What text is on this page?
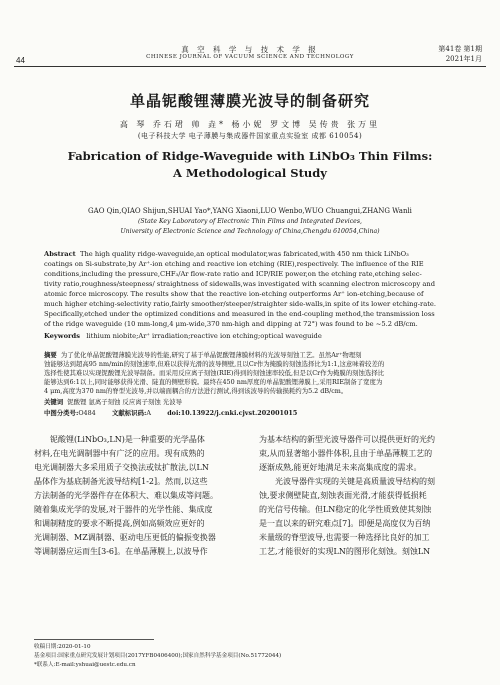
44
真 空 科 学 与 技 术 学 报
CHINESE JOURNAL OF VACUUM SCIENCE AND TECHNOLOGY
第41卷 第1期
2021年1月
单晶铌酸锂薄膜光波导的制备研究
高 琴 乔石珺 帅 垚* 杨小妮 罗文博 吴传贵 张万里
(电子科技大学 电子薄膜与集成器件国家重点实验室 成都 610054)
Fabrication of Ridge-Waveguide with LiNbO₃ Thin Films:
A Methodological Study
GAO Qin,QIAO Shijun,SHUAI Yao*,YANG Xiaoni,LUO Wenbo,WUO Chuangui,ZHANG Wanli
(State Key Laboratory of Electronic Thin Films and Integrated Devices,
University of Electronic Science and Technology of China,Chengdu 610054,China)
Abstract The high quality ridge-waveguide,an optical modulator,was fabricated,with 450 nm thick LiNbO₃
coatings on Si-substrate,by Ar⁺-ion etching and reactive ion etching (RIE),respectively. The influence of the RIE
conditions,including the pressure,CHF₃/Ar flow-rate ratio and ICP/RIE power,on the etching rate,etching selec-
tivity ratio,roughness/steepness/ straightness of sidewalls,was investigated with scanning electron microscopy and
atomic force microscopy. The results show that the reactive ion-etching outperforms Ar⁺ ion-etching,because of
much higher etching-selectivity ratio,fairly smoother/steeper/straighter side-walls,in spite of its lower etching-rate.
Specifically,etched under the optimized conditions and measured in the end-coupling method,the transmission loss
of the ridge waveguide (10 mm-long,4 μm-wide,370 nm-high and dipping at 72°) was found to be ~5.2 dB/cm.
Keywords lithium niobite;Ar⁺ irradiation;reactive ion etching;optical waveguide
摘要 为了优化单晶铌酸锂薄膜光波导的性能,研究了基于单晶铌酸锂薄膜材料的光波导刻蚀工艺。虽然Ar⁺物理刻
蚀能够达到超高95 nm/min的刻蚀速率,但难以获得光滑的波导侧壁,且以Cr作为掩膜的刻蚀选择比为1:1,这意味着较差的
选择性使其难以实现铌酸锂光波导制备。而采用反应离子刻蚀(RIE)得到的刻蚀速率较低,但是以Cr作为掩膜的刻蚀选择比
能够达到6:1以上,同时能够获得光滑、陡直的侧壁形貌。最终在450 nm厚度的单晶铌酸锂薄膜上,采用RIE制备了宽度为
4 μm,高度为370 nm的脊型光波导,并以端面耦合的方法进行测试,得到该波导的传输损耗约为5.2 dB/cm。
关键词 铌酸锂 氩离子刻蚀 反应离子刻蚀 光波导
中图分类号:O484	文献标识码:A	doi:10.13922/j.cnki.cjvst.202001015
铌酸锂(LiNbO₃,LN)是一种重要的光学晶体
材料,在电光调制器中有广泛的应用。现有成熟的
电光调制器大多采用质子交换法或钛扩散法,以LN
晶体作为基底制备光波导结构[1-2]。然而,以这些
方法制备的光学器件存在体积大、难以集成等问题。
随着集成光学的发展,对于器件的光学性能、集成度
和调制精度的要求不断提高,例如高频效应更好的
光调制器、MZ调制器、驱动电压更低的偏振变换器
等调制器应运而生[3-6]。在单晶薄膜上,以波导作
为基本结构的新型光波导器件可以提供更好的光约
束,从而显著缩小器件体积,且由于单晶薄膜工艺的
逐渐成熟,能更好地满足未来高集成度的需求。
光波导器件实现的关键是高质量波导结构的刻
蚀,要求侧壁陡直,刻蚀表面光滑,才能获得低损耗
的光信号传输。但LN稳定的化学性质致使其刻蚀
是一直以来的研究难点[7]。即便是高度仅为百纳
米量级的脊型波导,也需要一种选择比良好的加工
工艺,才能很好的实现LN的图形化刻蚀。刻蚀LN
收稿日期:2020-01-10
基金项目:国家重点研究发展计划项目(2017YFB0406400);国家自然科学基金项目(No.51772044)
*联系人:E-mail:yshuai@uestc.edu.cn
